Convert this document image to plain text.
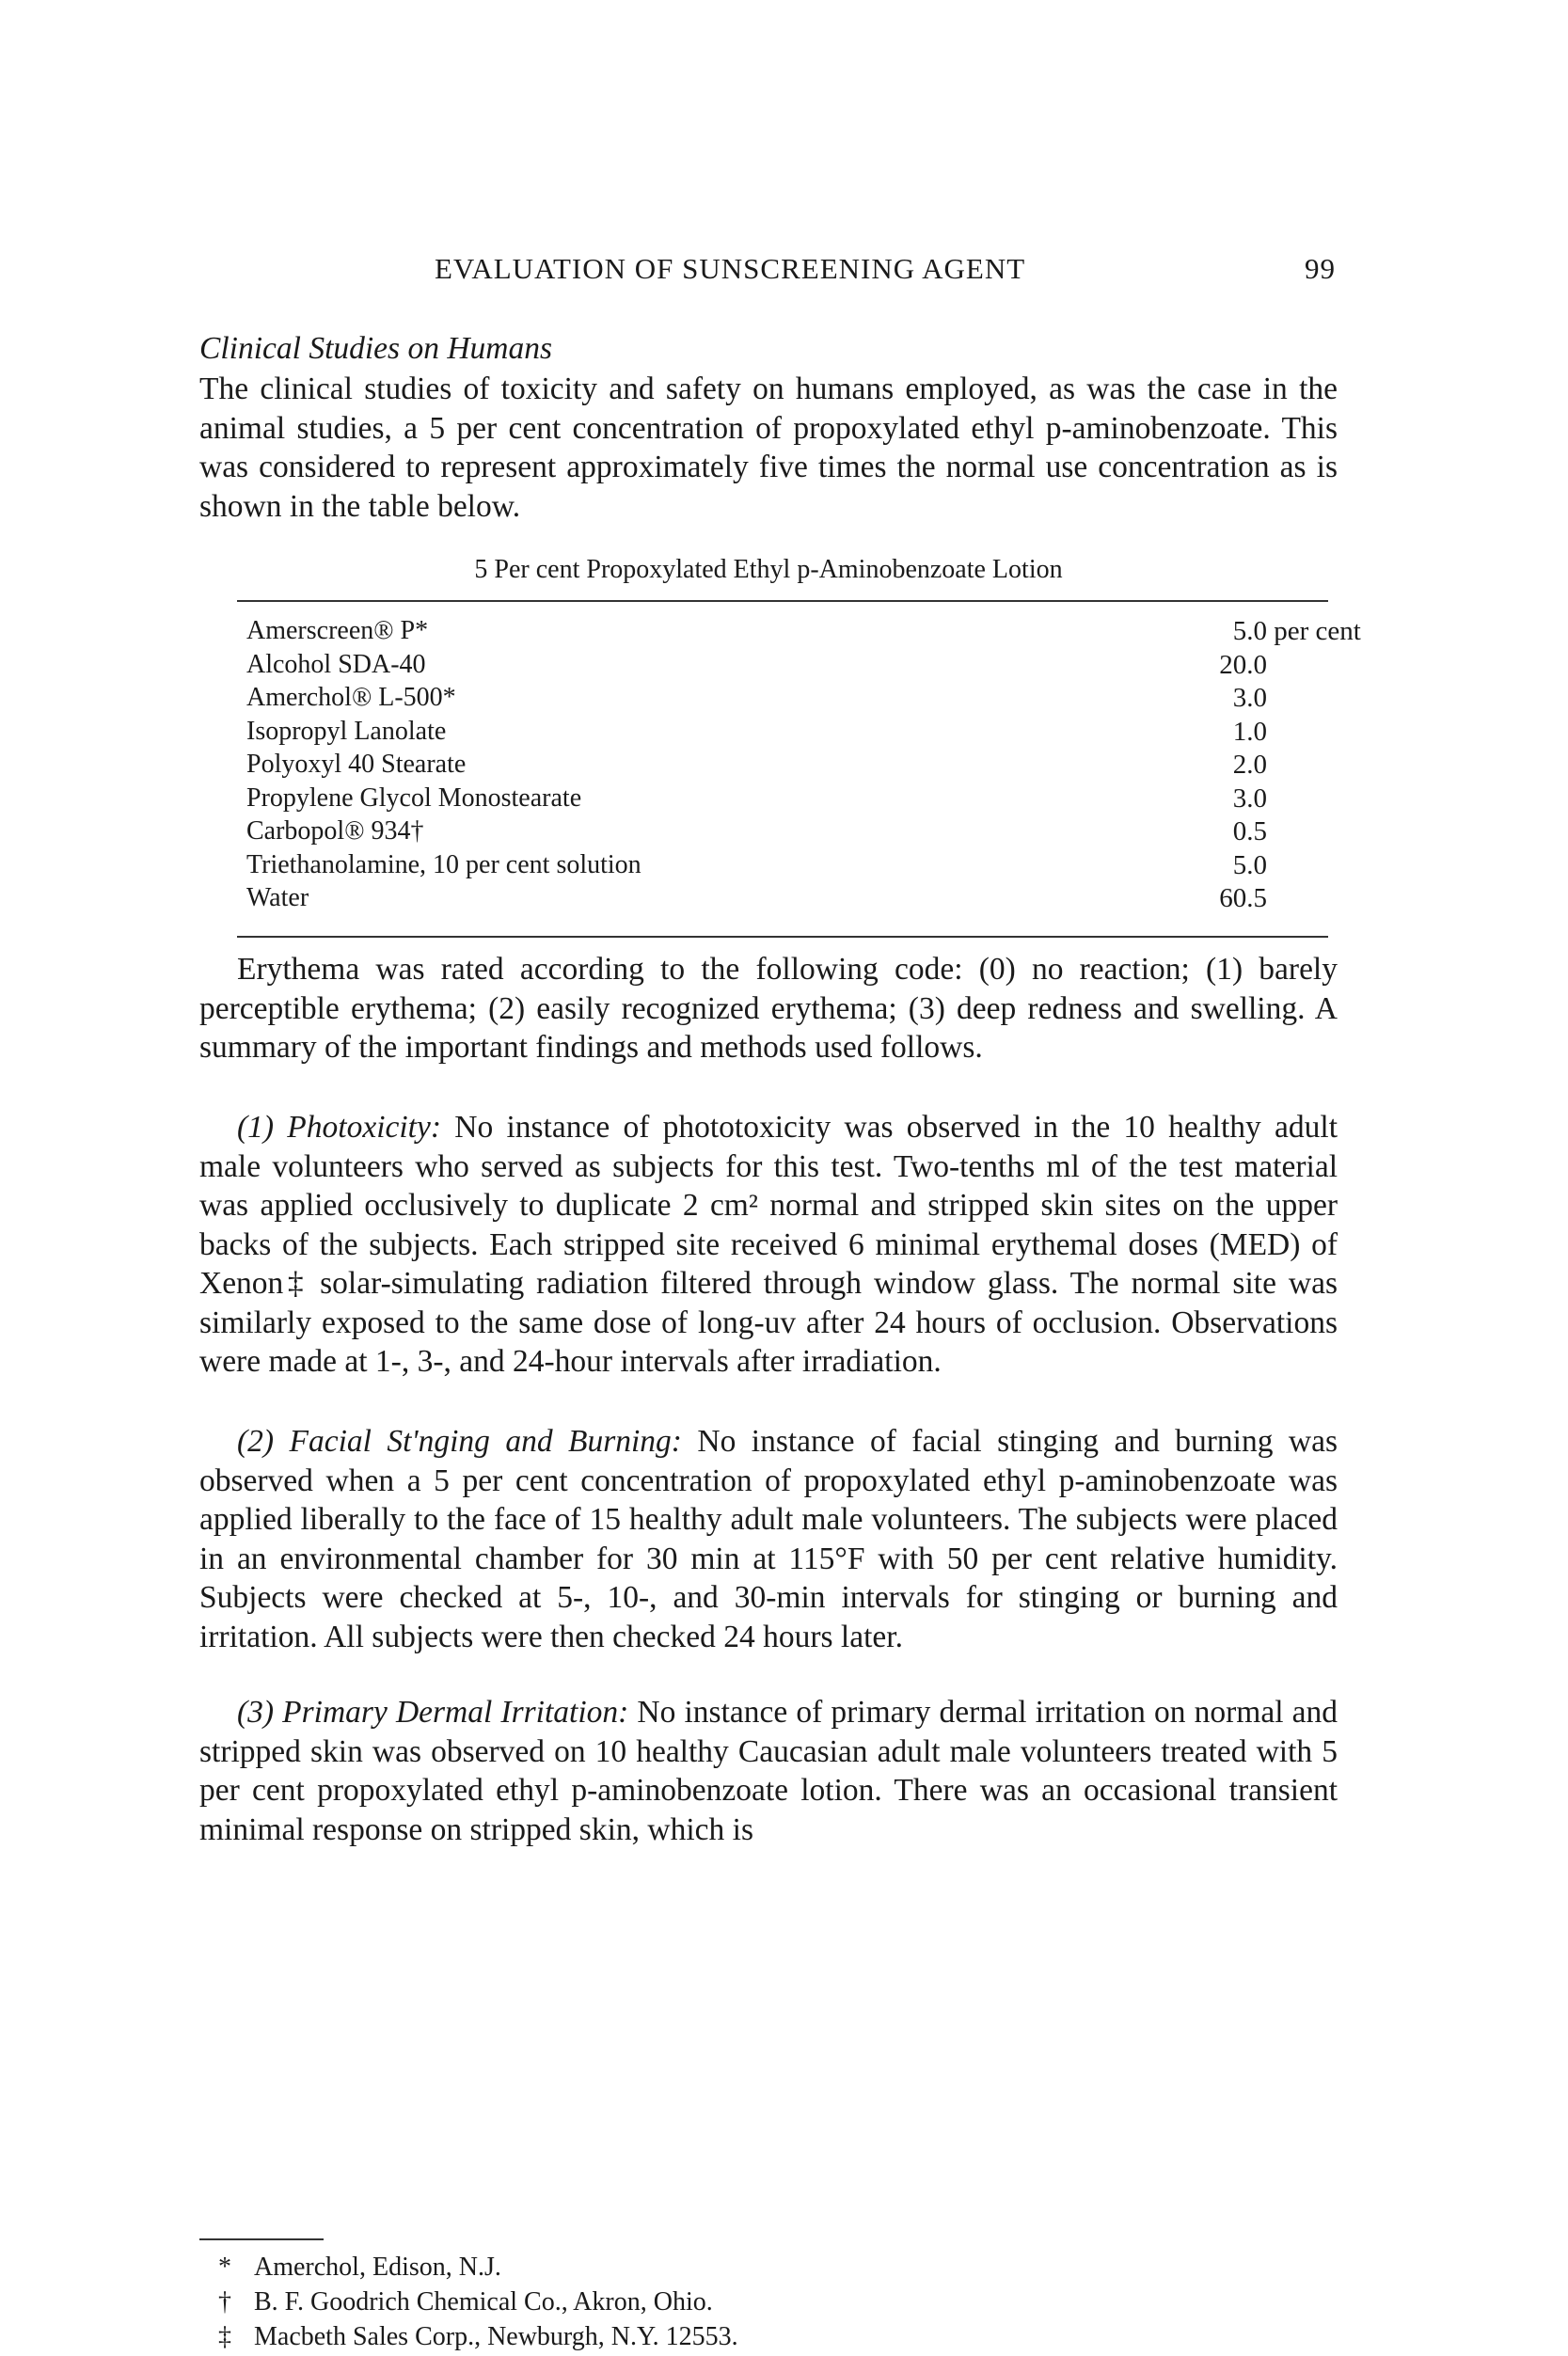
EVALUATION OF SUNSCREENING AGENT	99
Clinical Studies on Humans
The clinical studies of toxicity and safety on humans employed, as was the case in the animal studies, a 5 per cent concentration of propoxylated ethyl p-aminobenzoate. This was considered to represent approximately five times the normal use concentration as is shown in the table below.
5 Per cent Propoxylated Ethyl p-Aminobenzoate Lotion
Amerscreen® P*	5.0 per cent
Alcohol SDA-40	20.0
Amerchol® L-500*	3.0
Isopropyl Lanolate	1.0
Polyoxyl 40 Stearate	2.0
Propylene Glycol Monostearate	3.0
Carbopol® 934†	0.5
Triethanolamine, 10 per cent solution	5.0
Water	60.5
Erythema was rated according to the following code: (0) no reaction; (1) barely perceptible erythema; (2) easily recognized erythema; (3) deep redness and swelling. A summary of the important findings and methods used follows.
(1) Photoxicity: No instance of phototoxicity was observed in the 10 healthy adult male volunteers who served as subjects for this test. Two-tenths ml of the test material was applied occlusively to duplicate 2 cm² normal and stripped skin sites on the upper backs of the subjects. Each stripped site received 6 minimal erythemal doses (MED) of Xenon‡ solar-simulating radiation filtered through window glass. The normal site was similarly exposed to the same dose of long-uv after 24 hours of occlusion. Observations were made at 1-, 3-, and 24-hour intervals after irradiation.
(2) Facial St'nging and Burning: No instance of facial stinging and burning was observed when a 5 per cent concentration of propoxylated ethyl p-aminobenzoate was applied liberally to the face of 15 healthy adult male volunteers. The subjects were placed in an environmental chamber for 30 min at 115°F with 50 per cent relative humidity. Subjects were checked at 5-, 10-, and 30-min intervals for stinging or burning and irritation. All subjects were then checked 24 hours later.
(3) Primary Dermal Irritation: No instance of primary dermal irritation on normal and stripped skin was observed on 10 healthy Caucasian adult male volunteers treated with 5 per cent propoxylated ethyl p-aminobenzoate lotion. There was an occasional transient minimal response on stripped skin, which is
* Amerchol, Edison, N.J.
† B. F. Goodrich Chemical Co., Akron, Ohio.
‡ Macbeth Sales Corp., Newburgh, N.Y. 12553.
